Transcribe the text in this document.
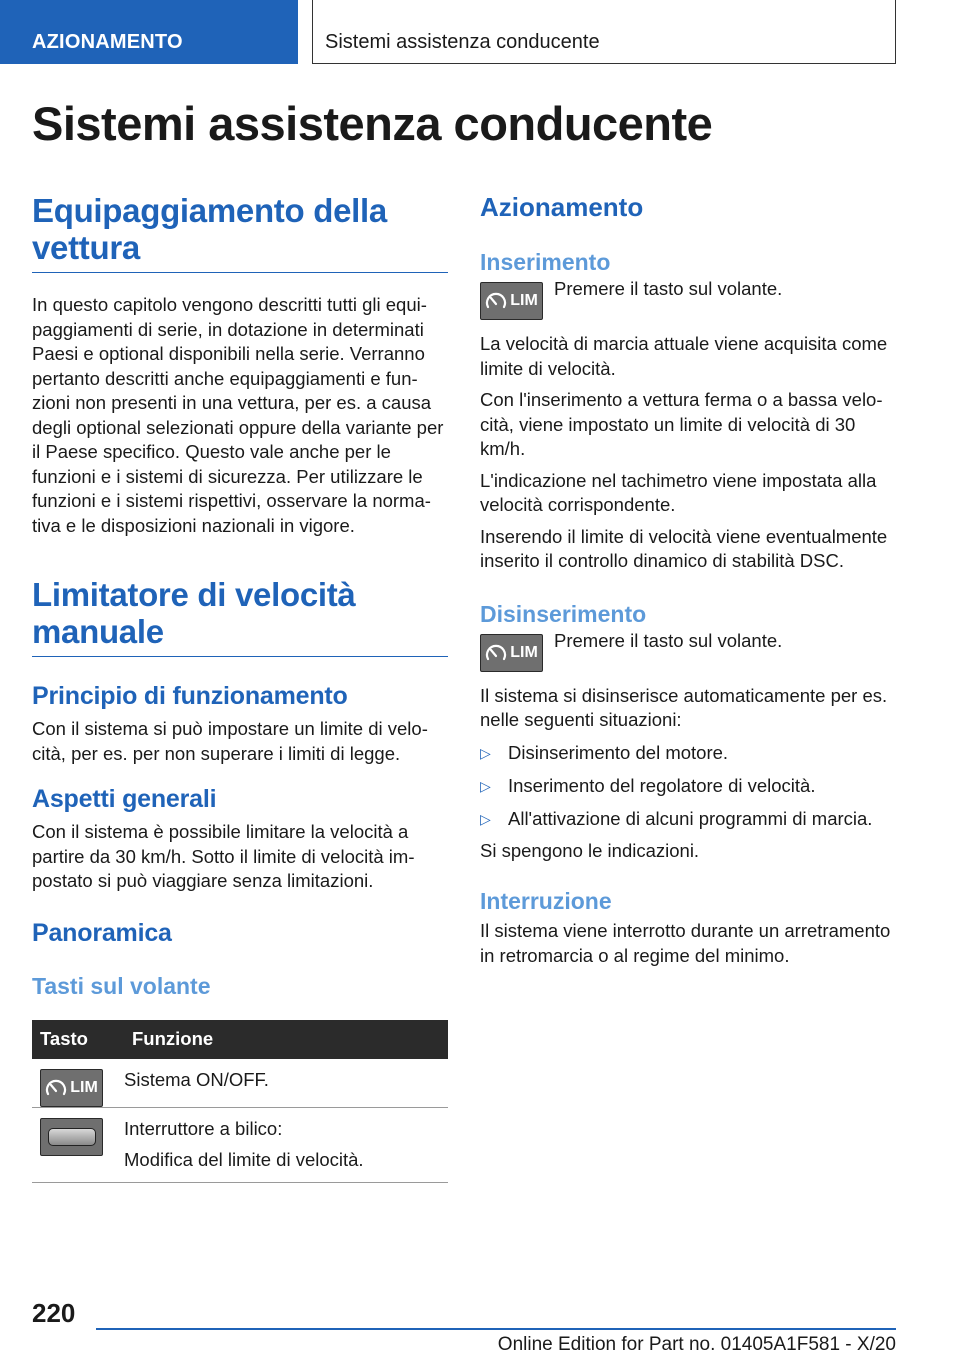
AZIONAMENTO	Sistemi assistenza conducente
Sistemi assistenza conducente
Equipaggiamento della vettura

In questo capitolo vengono descritti tutti gli equipaggiamenti di serie, in dotazione in determinati Paesi e optional disponibili nella serie. Verranno pertanto descritti anche equipaggiamenti e funzioni non presenti in una vettura, per es. a causa degli optional selezionati oppure della variante per il Paese specifico. Questo vale anche per le funzioni e i sistemi di sicurezza. Per utilizzare le funzioni e i sistemi rispettivi, osservare la normativa e le disposizioni nazionali in vigore.

Limitatore di velocità manuale
Principio di funzionamento

Con il sistema si può impostare un limite di velocità, per es. per non superare i limiti di legge.

Aspetti generali

Con il sistema è possibile limitare la velocità a partire da 30 km/h. Sotto il limite di velocità impostato si può viaggiare senza limitazioni.

Panoramica
Tasti sul volante
Tasto	Funzione

LIM	Sistema ON/OFF.

	Interruttore a bilico:
Modifica del limite di velocità.
Azionamento
Inserimento
LIM
Premere il tasto sul volante.

La velocità di marcia attuale viene acquisita come limite di velocità.

Con l'inserimento a vettura ferma o a bassa velocità, viene impostato un limite di velocità di 30 km/h.

L'indicazione nel tachimetro viene impostata alla velocità corrispondente.

Inserendo il limite di velocità viene eventualmente inserito il controllo dinamico di stabilità DSC.

Disinserimento
LIM
Premere il tasto sul volante.

Il sistema si disinserisce automaticamente per es. nelle seguenti situazioni:

▷ Disinserimento del motore.
▷ Inserimento del regolatore di velocità.
▷ All'attivazione di alcuni programmi di marcia.

Si spengono le indicazioni.

Interruzione

Il sistema viene interrotto durante un arretramento in retromarcia o al regime del minimo.

220
Online Edition for Part no. 01405A1F581 - X/20
